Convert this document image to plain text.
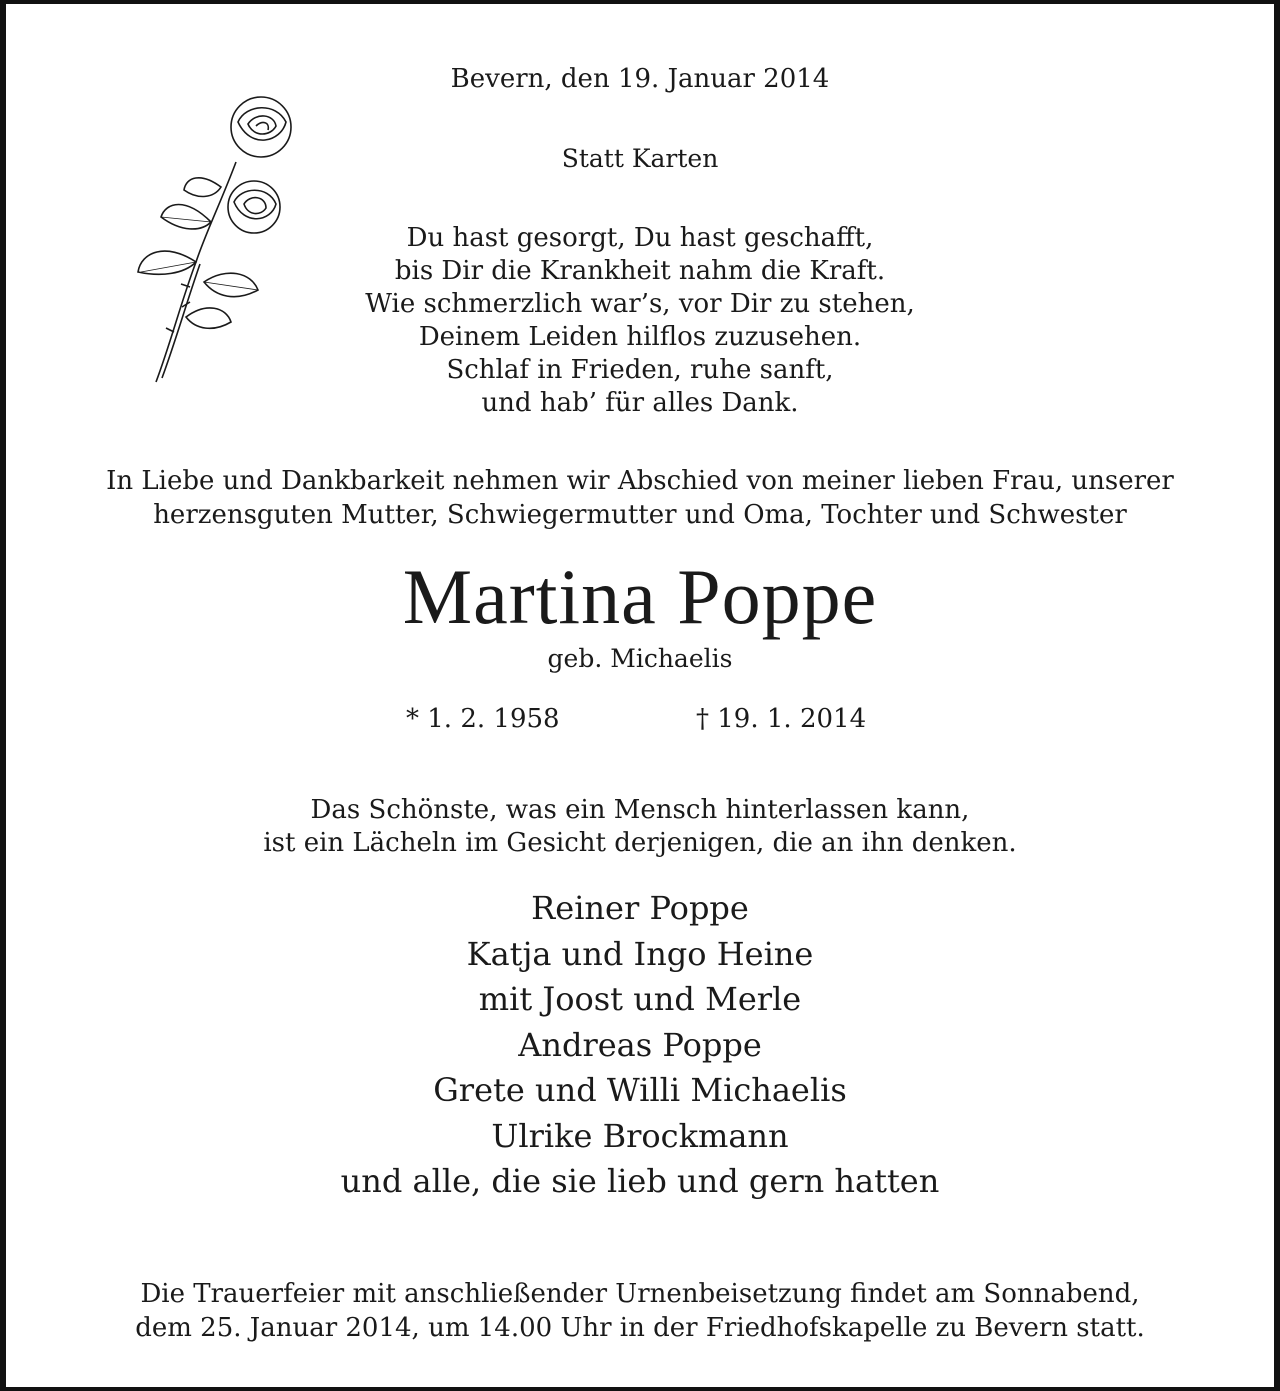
Bevern, den 19. Januar 2014
Statt Karten
Du hast gesorgt, Du hast geschafft,
bis Dir die Krankheit nahm die Kraft.
Wie schmerzlich war’s, vor Dir zu stehen,
Deinem Leiden hilflos zuzusehen.
Schlaf in Frieden, ruhe sanft,
und hab’ für alles Dank.
In Liebe und Dankbarkeit nehmen wir Abschied von meiner lieben Frau, unserer
herzensguten Mutter, Schwiegermutter und Oma, Tochter und Schwester
Martina Poppe
geb. Michaelis
* 1. 2. 1958	† 19. 1. 2014
Das Schönste, was ein Mensch hinterlassen kann,
ist ein Lächeln im Gesicht derjenigen, die an ihn denken.
Reiner Poppe
Katja und Ingo Heine
mit Joost und Merle
Andreas Poppe
Grete und Willi Michaelis
Ulrike Brockmann
und alle, die sie lieb und gern hatten
Die Trauerfeier mit anschließender Urnenbeisetzung findet am Sonnabend,
dem 25. Januar 2014, um 14.00 Uhr in der Friedhofskapelle zu Bevern statt.
